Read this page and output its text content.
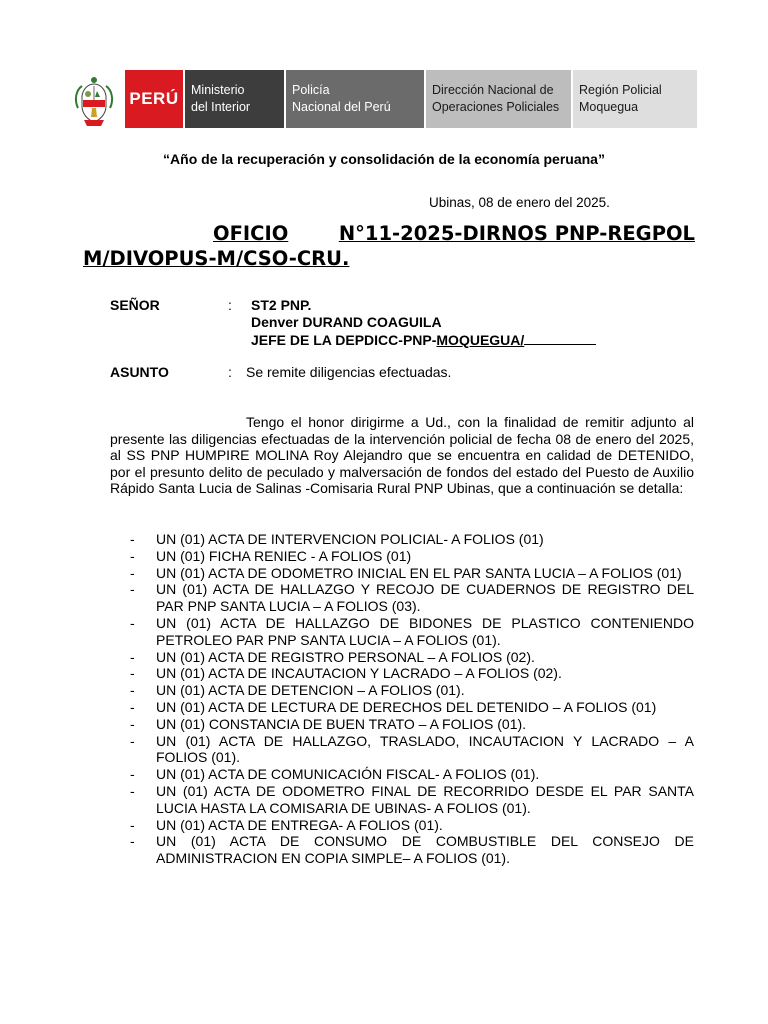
PERÚ Ministerio
del Interior
Policía
Nacional del Perú
Dirección Nacional de
Operaciones Policiales
Región Policial
Moquegua
“Año de la recuperación y consolidación de la economía peruana”
Ubinas, 08 de enero del 2025.
OFICIO	N°11-2025-DIRNOS PNP-REGPOL
M/DIVOPUS-M/CSO-CRU.
SEÑOR	: ST2 PNP.
Denver DURAND COAGUILA
JEFE DE LA DEPDICC-PNP-MOQUEGUA/
ASUNTO	: Se remite diligencias efectuadas.
Tengo el honor dirigirme a Ud., con la finalidad de remitir adjunto al presente las diligencias efectuadas de la intervención policial de fecha 08 de enero del 2025, al SS PNP HUMPIRE MOLINA Roy Alejandro que se encuentra en calidad de DETENIDO, por el presunto delito de peculado y malversación de fondos del estado del Puesto de Auxilio Rápido Santa Lucia de Salinas -Comisaria Rural PNP Ubinas, que a continuación se detalla:
- UN (01) ACTA DE INTERVENCION POLICIAL- A FOLIOS (01)
- UN (01) FICHA RENIEC - A FOLIOS (01)
- UN (01) ACTA DE ODOMETRO INICIAL EN EL PAR SANTA LUCIA – A FOLIOS (01)
- UN (01) ACTA DE HALLAZGO Y RECOJO DE CUADERNOS DE REGISTRO DEL PAR PNP SANTA LUCIA – A FOLIOS (03).
- UN (01) ACTA DE HALLAZGO DE BIDONES DE PLASTICO CONTENIENDO PETROLEO PAR PNP SANTA LUCIA – A FOLIOS (01).
- UN (01) ACTA DE REGISTRO PERSONAL – A FOLIOS (02).
- UN (01) ACTA DE INCAUTACION Y LACRADO – A FOLIOS (02).
- UN (01) ACTA DE DETENCION – A FOLIOS (01).
- UN (01) ACTA DE LECTURA DE DERECHOS DEL DETENIDO – A FOLIOS (01)
- UN (01) CONSTANCIA DE BUEN TRATO – A FOLIOS (01).
- UN (01) ACTA DE HALLAZGO, TRASLADO, INCAUTACION Y LACRADO – A FOLIOS (01).
- UN (01) ACTA DE COMUNICACIÓN FISCAL- A FOLIOS (01).
- UN (01) ACTA DE ODOMETRO FINAL DE RECORRIDO DESDE EL PAR SANTA LUCIA HASTA LA COMISARIA DE UBINAS- A FOLIOS (01).
- UN (01) ACTA DE ENTREGA- A FOLIOS (01).
- UN (01) ACTA DE CONSUMO DE COMBUSTIBLE DEL CONSEJO DE ADMINISTRACION EN COPIA SIMPLE– A FOLIOS (01).
